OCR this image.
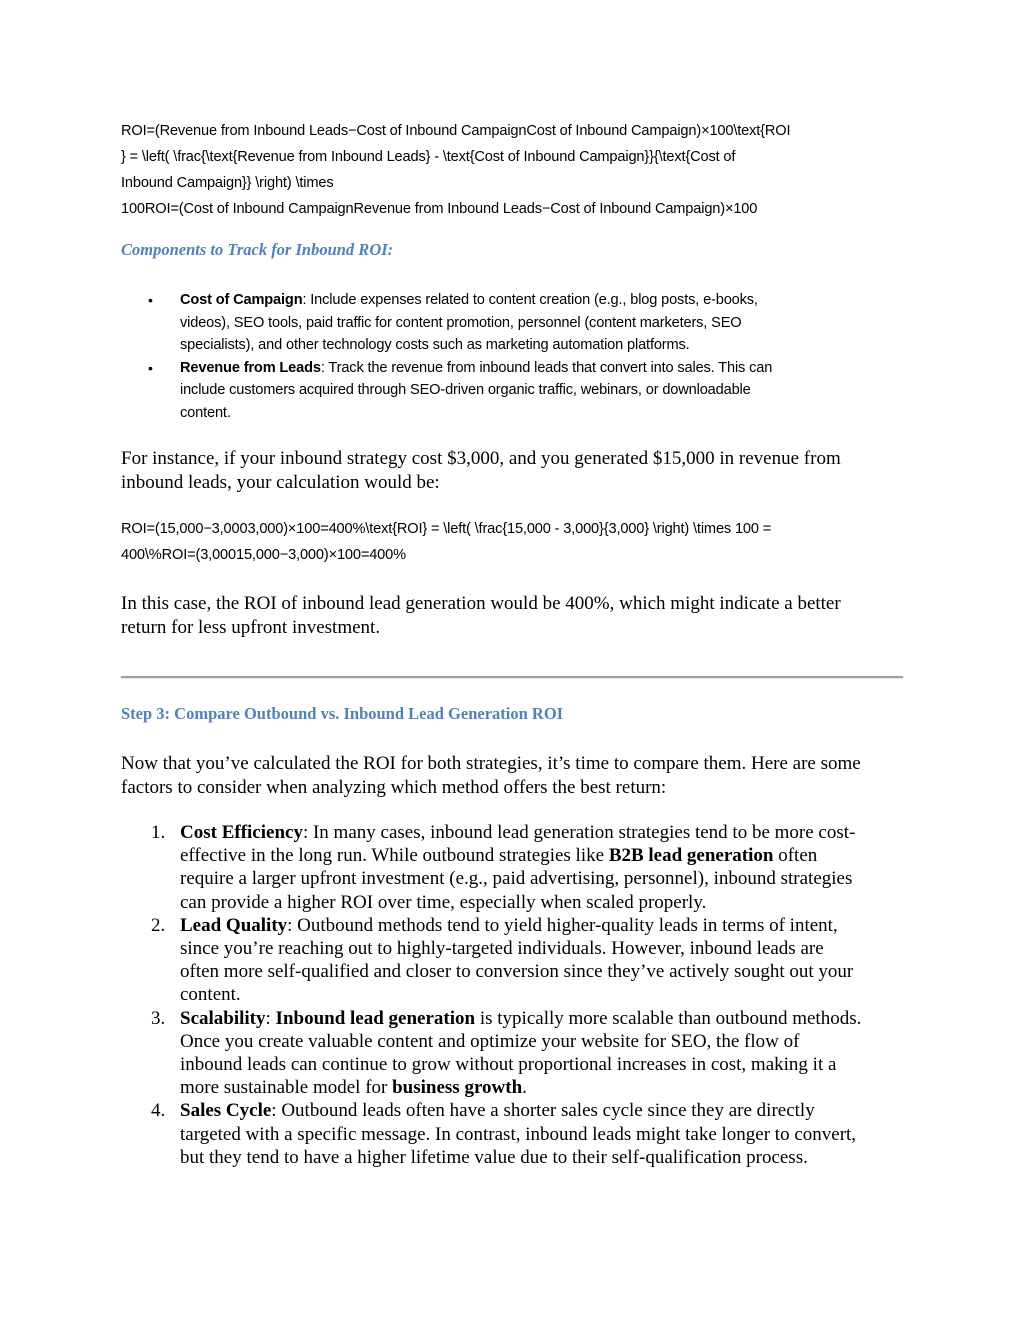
ROI=(Revenue from Inbound Leads−Cost of Inbound CampaignCost of Inbound Campaign)×100\text{ROI

} = \left( \frac{\text{Revenue from Inbound Leads} - \text{Cost of Inbound Campaign}}{\text{Cost of

Inbound Campaign}} \right) \times

100ROI=(Cost of Inbound CampaignRevenue from Inbound Leads−Cost of Inbound Campaign)×100

Components to Track for Inbound ROI:
• Cost of Campaign: Include expenses related to content creation (e.g., blog posts, e-books,
videos), SEO tools, paid traffic for content promotion, personnel (content marketers, SEO
specialists), and other technology costs such as marketing automation platforms.
• Revenue from Leads: Track the revenue from inbound leads that convert into sales. This can
include customers acquired through SEO-driven organic traffic, webinars, or downloadable
content.
For instance, if your inbound strategy cost $3,000, and you generated $15,000 in revenue from
inbound leads, your calculation would be:

ROI=(15,000−3,0003,000)×100=400%\text{ROI} = \left( \frac{15,000 - 3,000}{3,000} \right) \times 100 =

400\%ROI=(3,00015,000−3,000)×100=400%

In this case, the ROI of inbound lead generation would be 400%, which might indicate a better
return for less upfront investment.
Step 3: Compare Outbound vs. Inbound Lead Generation ROI
Now that you’ve calculated the ROI for both strategies, it’s time to compare them. Here are some
factors to consider when analyzing which method offers the best return:
1. Cost Efficiency: In many cases, inbound lead generation strategies tend to be more cost-
effective in the long run. While outbound strategies like B2B lead generation often
require a larger upfront investment (e.g., paid advertising, personnel), inbound strategies
can provide a higher ROI over time, especially when scaled properly.
2. Lead Quality: Outbound methods tend to yield higher-quality leads in terms of intent,
since you’re reaching out to highly-targeted individuals. However, inbound leads are
often more self-qualified and closer to conversion since they’ve actively sought out your
content.
3. Scalability: Inbound lead generation is typically more scalable than outbound methods.
Once you create valuable content and optimize your website for SEO, the flow of
inbound leads can continue to grow without proportional increases in cost, making it a
more sustainable model for business growth.
4. Sales Cycle: Outbound leads often have a shorter sales cycle since they are directly
targeted with a specific message. In contrast, inbound leads might take longer to convert,
but they tend to have a higher lifetime value due to their self-qualification process.
